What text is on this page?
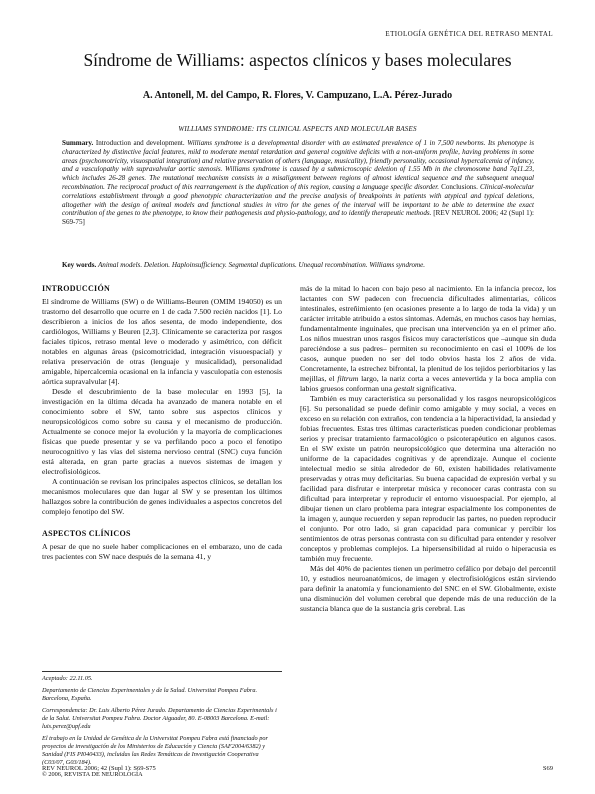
ETIOLOGÍA GENÉTICA DEL RETRASO MENTAL
Síndrome de Williams: aspectos clínicos y bases moleculares
A. Antonell, M. del Campo, R. Flores, V. Campuzano, L.A. Pérez-Jurado
WILLIAMS SYNDROME: ITS CLINICAL ASPECTS AND MOLECULAR BASES
Summary. Introduction and development. Williams syndrome is a developmental disorder with an estimated prevalence of 1 in 7,500 newborns. Its phenotype is characterized by distinctive facial features, mild to moderate mental retardation and general cognitive deficits with a non-uniform profile, having problems in some areas (psychomotricity, visuospatial integration) and relative preservation of others (language, musicality), friendly personality, occasional hypercalcemia of infancy, and a vasculopathy with supravalvular aortic stenosis. Williams syndrome is caused by a submicroscopic deletion of 1.55 Mb in the chromosome band 7q11.23, which includes 26-28 genes. The mutational mechanism consists in a misalignment between regions of almost identical sequence and the subsequent unequal recombination. The reciprocal product of this rearrangement is the duplication of this region, causing a language specific disorder. Conclusions. Clinical-molecular correlations establishment through a good phenotypic characterization and the precise analysis of breakpoints in patients with atypical and typical deletions, altogether with the design of animal models and functional studies in vitro for the genes of the interval will be important to be able to determine the exact contribution of the genes to the phenotype, to know their pathogenesis and physio-pathology, and to identify therapeutic methods. [REV NEUROL 2006; 42 (Supl 1): S69-75]
Key words. Animal models. Deletion. Haploinsufficiency. Segmental duplications. Unequal recombination. Williams syndrome.
INTRODUCCIÓN

El síndrome de Williams (SW) o de Williams-Beuren (OMIM 194050) es un trastorno del desarrollo que ocurre en 1 de cada 7.500 recién nacidos [1]. Lo describieron a inicios de los años sesenta, de modo independiente, dos cardiólogos, Williams y Beuren [2,3]. Clínicamente se caracteriza por rasgos faciales típicos, retraso mental leve o moderado y asimétrico, con déficit notables en algunas áreas (psicomotricidad, integración visuoespacial) y relativa preservación de otras (lenguaje y musicalidad), personalidad amigable, hipercalcemia ocasional en la infancia y vasculopatía con estenosis aórtica supravalvular [4].

Desde el descubrimiento de la base molecular en 1993 [5], la investigación en la última década ha avanzado de manera notable en el conocimiento sobre el SW, tanto sobre sus aspectos clínicos y neuropsicológicos como sobre su causa y el mecanismo de producción. Actualmente se conoce mejor la evolución y la mayoría de complicaciones físicas que puede presentar y se va perfilando poco a poco el fenotipo neurocognitivo y las vías del sistema nervioso central (SNC) cuya función está alterada, en gran parte gracias a nuevos sistemas de imagen y electrofisiológicos.

A continuación se revisan los principales aspectos clínicos, se detallan los mecanismos moleculares que dan lugar al SW y se presentan los últimos hallazgos sobre la contribución de genes individuales a aspectos concretos del complejo fenotipo del SW.

ASPECTOS CLÍNICOS

A pesar de que no suele haber complicaciones en el embarazo, uno de cada tres pacientes con SW nace después de la semana 41, y

Aceptado: 22.11.05.

Departamento de Ciencias Experimentales y de la Salud. Universitat Pompeu Fabra. Barcelona, España.

Correspondencia: Dr. Luis Alberto Pérez Jurado. Departamento de Ciencias Experimentals i de la Salut. Universitat Pompeu Fabra. Doctor Aiguader, 80. E-08003 Barcelona. E-mail: luis.perez@upf.edu

El trabajo en la Unidad de Genética de la Universitat Pompeu Fabra está financiado por proyectos de investigación de los Ministerios de Educación y Ciencia (SAF2004/6382) y Sanidad (FIS PI040433), incluidas las Redes Temáticas de Investigación Cooperativa (C03/07, G03/184).

© 2006, REVISTA DE NEUROLOGÍA

más de la mitad lo hacen con bajo peso al nacimiento. En la infancia precoz, los lactantes con SW padecen con frecuencia dificultades alimentarias, cólicos intestinales, estreñimiento (en ocasiones presente a lo largo de toda la vida) y un carácter irritable atribuido a estos síntomas. Además, en muchos casos hay hernias, fundamentalmente inguinales, que precisan una intervención ya en el primer año. Los niños muestran unos rasgos físicos muy característicos que –aunque sin duda pareciéndose a sus padres– permiten su reconocimiento en casi el 100% de los casos, aunque pueden no ser del todo obvios hasta los 2 años de vida. Concretamente, la estrechez bifrontal, la plenitud de los tejidos periorbitarios y las mejillas, el filtrum largo, la nariz corta a veces antevertida y la boca amplia con labios gruesos conforman una gestalt significativa.

También es muy característica su personalidad y los rasgos neuropsicológicos [6]. Su personalidad se puede definir como amigable y muy social, a veces en exceso en su relación con extraños, con tendencia a la hiperactividad, la ansiedad y fobias frecuentes. Estas tres últimas características pueden condicionar problemas serios y precisar tratamiento farmacológico o psicoterapéutico en algunos casos. En el SW existe un patrón neuropsicológico que determina una alteración no uniforme de la capacidades cognitivas y de aprendizaje. Aunque el cociente intelectual medio se sitúa alrededor de 60, existen habilidades relativamente preservadas y otras muy deficitarias. Su buena capacidad de expresión verbal y su facilidad para disfrutar e interpretar música y reconocer caras contrasta con su dificultad para interpretar y reproducir el entorno visuoespacial. Por ejemplo, al dibujar tienen un claro problema para integrar espacialmente los componentes de la imagen y, aunque recuerden y sepan reproducir las partes, no pueden reproducir el conjunto. Por otro lado, si gran capacidad para comunicar y percibir los sentimientos de otras personas contrasta con su dificultad para entender y resolver conceptos y problemas complejos. La hipersensibilidad al ruido o hiperacusia es también muy frecuente.

Más del 40% de pacientes tienen un perímetro cefálico por debajo del percentil 10, y estudios neuroanatómicos, de imagen y electrofisiológicos están sirviendo para definir la anatomía y funcionamiento del SNC en el SW. Globalmente, existe una disminución del volumen cerebral que depende más de una reducción de la sustancia blanca que de la sustancia gris cerebral. Las

REV NEUROL 2006; 42 (Supl 1): S69-S75	S69
